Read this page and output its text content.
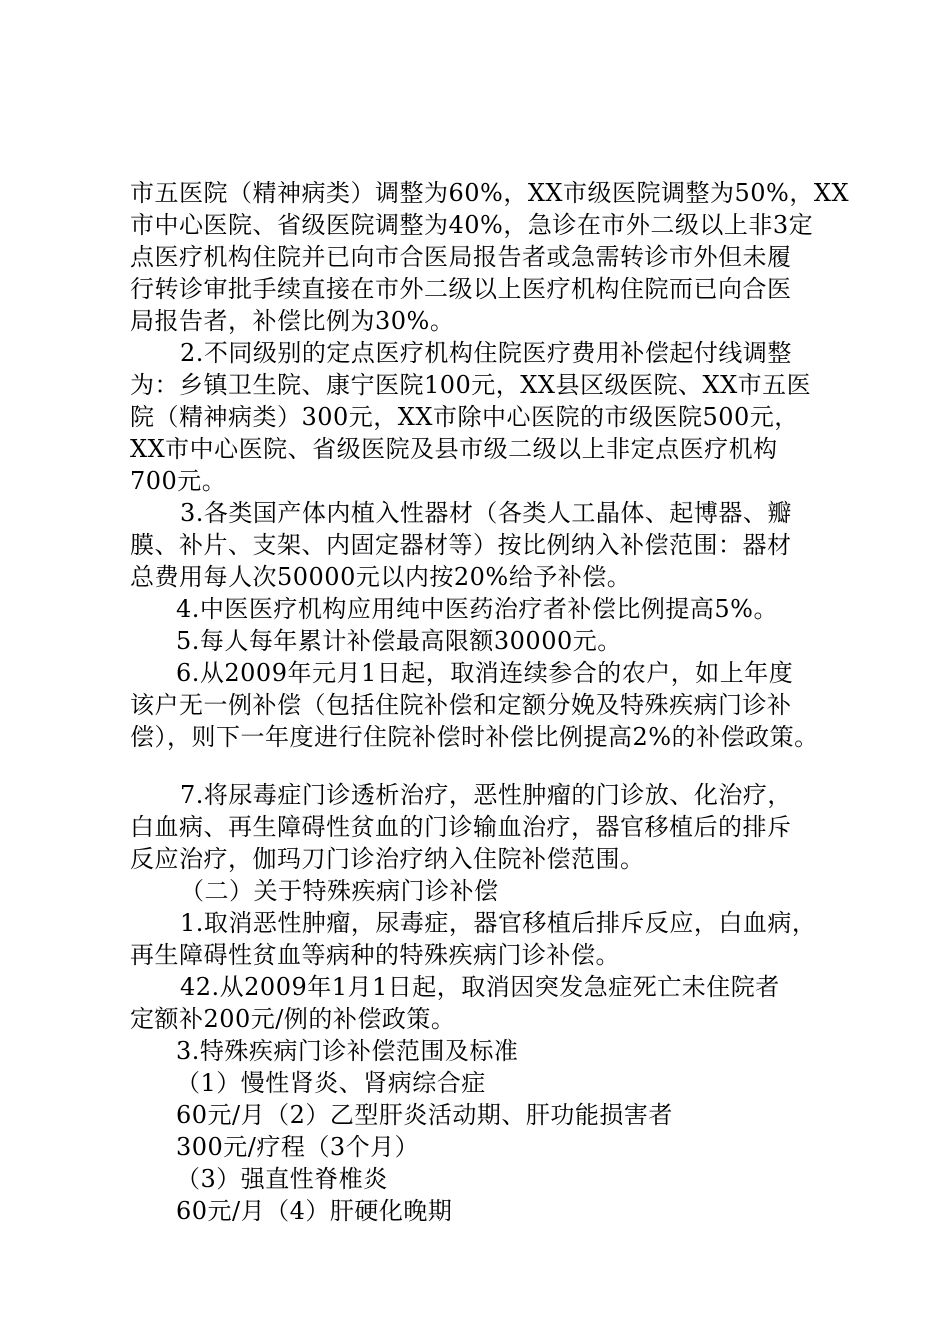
市五医院（精神病类）调整为60%，XX市级医院调整为50%，XX
市中心医院、省级医院调整为40%，急诊在市外二级以上非3定
点医疗机构住院并已向市合医局报告者或急需转诊市外但未履
行转诊审批手续直接在市外二级以上医疗机构住院而已向合医
局报告者，补偿比例为30%。
2.不同级别的定点医疗机构住院医疗费用补偿起付线调整
为：乡镇卫生院、康宁医院100元，XX县区级医院、XX市五医
院（精神病类）300元，XX市除中心医院的市级医院500元，
XX市中心医院、省级医院及县市级二级以上非定点医疗机构
700元。
3.各类国产体内植入性器材（各类人工晶体、起博器、瓣
膜、补片、支架、内固定器材等）按比例纳入补偿范围：器材
总费用每人次50000元以内按20%给予补偿。
4.中医医疗机构应用纯中医药治疗者补偿比例提高5%。
5.每人每年累计补偿最高限额30000元。
6.从2009年元月1日起，取消连续参合的农户，如上年度
该户无一例补偿（包括住院补偿和定额分娩及特殊疾病门诊补
偿），则下一年度进行住院补偿时补偿比例提高2%的补偿政策。
7.将尿毒症门诊透析治疗，恶性肿瘤的门诊放、化治疗，
白血病、再生障碍性贫血的门诊输血治疗，器官移植后的排斥
反应治疗，伽玛刀门诊治疗纳入住院补偿范围。
（二）关于特殊疾病门诊补偿
1.取消恶性肿瘤，尿毒症，器官移植后排斥反应，白血病，
再生障碍性贫血等病种的特殊疾病门诊补偿。
42.从2009年1月1日起，取消因突发急症死亡未住院者
定额补200元/例的补偿政策。
3.特殊疾病门诊补偿范围及标准
（1）慢性肾炎、肾病综合症
60元/月（2）乙型肝炎活动期、肝功能损害者
300元/疗程（3个月）
（3）强直性脊椎炎
60元/月（4）肝硬化晚期
